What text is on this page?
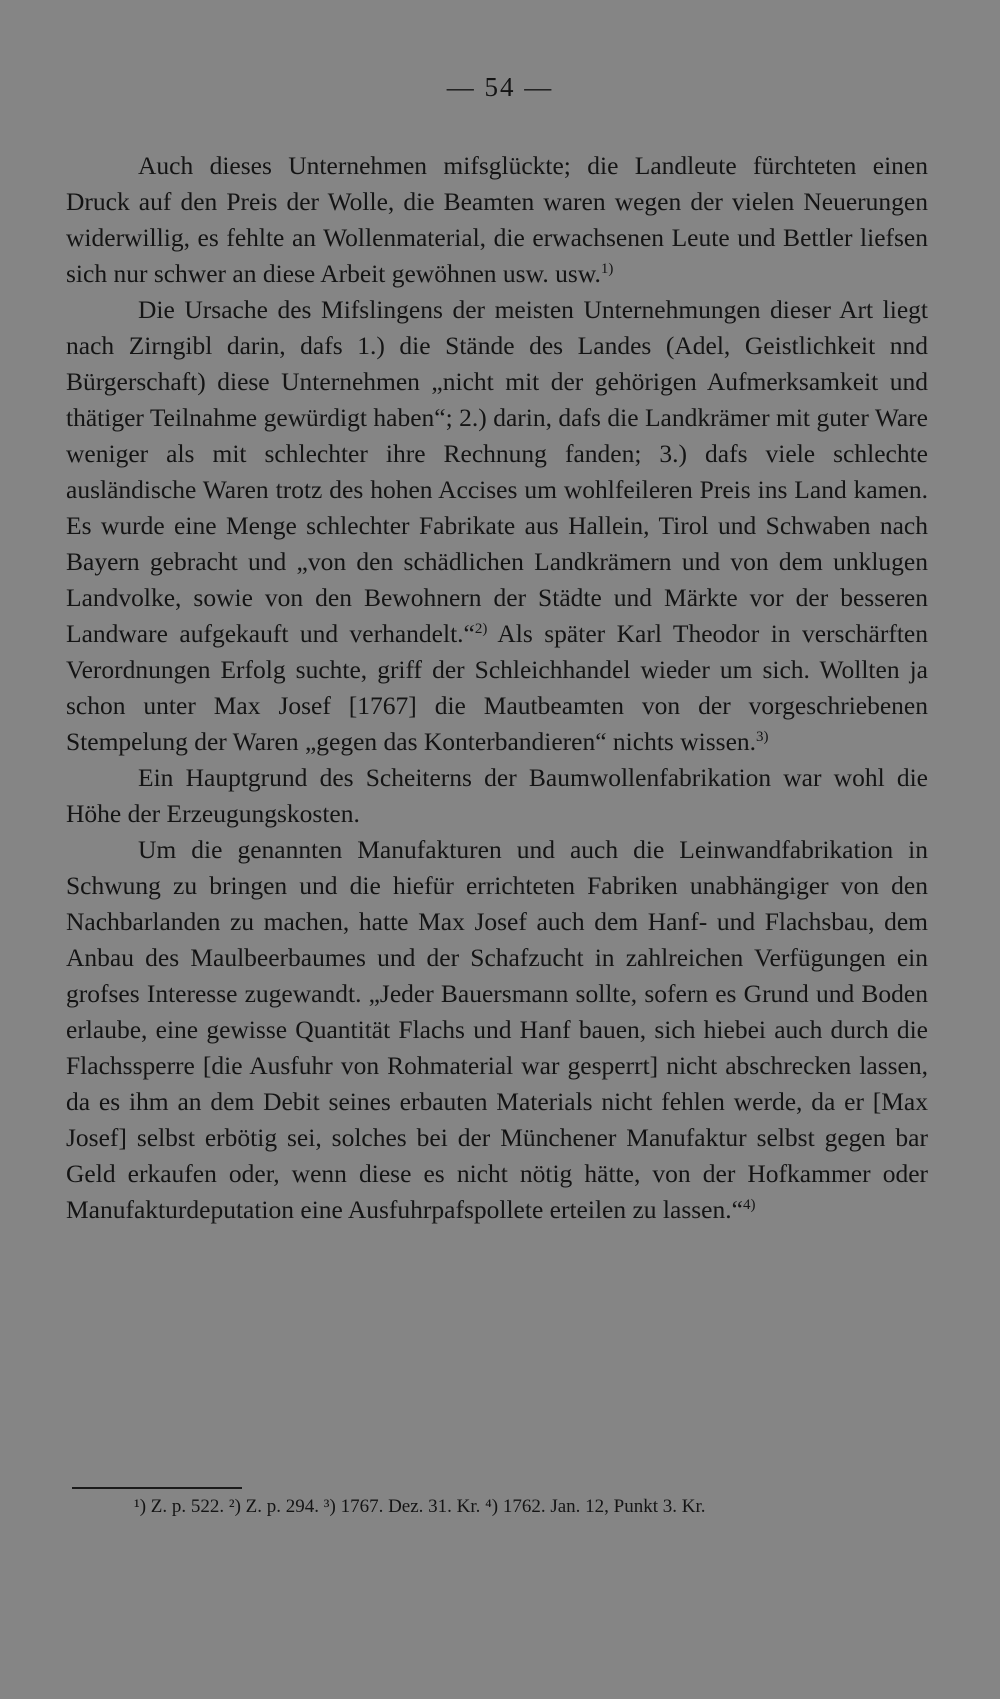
— 54 —

Auch dieses Unternehmen mifsglückte; die Landleute fürchteten einen Druck auf den Preis der Wolle, die Beamten waren wegen der vielen Neuerungen widerwillig, es fehlte an Wollenmaterial, die erwachsenen Leute und Bettler liefsen sich nur schwer an diese Arbeit gewöhnen usw. usw.$^{1)}$

Die Ursache des Mifslingens der meisten Unternehmungen dieser Art liegt nach Zirngibl darin, dafs 1.) die Stände des Landes (Adel, Geistlichkeit nnd Bürgerschaft) diese Unternehmen „nicht mit der gehörigen Aufmerksamkeit und thätiger Teilnahme gewürdigt haben“; 2.) darin, dafs die Landkrämer mit guter Ware weniger als mit schlechter ihre Rechnung fanden; 3.) dafs viele schlechte ausländische Waren trotz des hohen Accises um wohlfeileren Preis ins Land kamen. Es wurde eine Menge schlechter Fabrikate aus Hallein, Tirol und Schwaben nach Bayern gebracht und „von den schädlichen Landkrämern und von dem unklugen Landvolke, sowie von den Bewohnern der Städte und Märkte vor der besseren Landware aufgekauft und verhandelt.“$^{2)}$ Als später Karl Theodor in verschärften Verordnungen Erfolg suchte, griff der Schleichhandel wieder um sich. Wollten ja schon unter Max Josef [1767] die Mautbeamten von der vorgeschriebenen Stempelung der Waren „gegen das Konterbandieren“ nichts wissen.$^{3)}$

Ein Hauptgrund des Scheiterns der Baumwollenfabrikation war wohl die Höhe der Erzeugungskosten.

Um die genannten Manufakturen und auch die Leinwandfabrikation in Schwung zu bringen und die hiefür errichteten Fabriken unabhängiger von den Nachbarlanden zu machen, hatte Max Josef auch dem Hanf- und Flachsbau, dem Anbau des Maulbeerbaumes und der Schafzucht in zahlreichen Verfügungen ein grofses Interesse zugewandt. „Jeder Bauersmann sollte, sofern es Grund und Boden erlaube, eine gewisse Quantität Flachs und Hanf bauen, sich hiebei auch durch die Flachssperre [die Ausfuhr von Rohmaterial war gesperrt] nicht abschrecken lassen, da es ihm an dem Debit seines erbauten Materials nicht fehlen werde, da er [Max Josef] selbst erbötig sei, solches bei der Münchener Manufaktur selbst gegen bar Geld erkaufen oder, wenn diese es nicht nötig hätte, von der Hofkammer oder Manufakturdeputation eine Ausfuhrpafspollete erteilen zu lassen.“$^{4)}$

¹) Z. p. 522. ²) Z. p. 294. ³) 1767. Dez. 31. Kr. ⁴) 1762. Jan. 12, Punkt 3. Kr.
